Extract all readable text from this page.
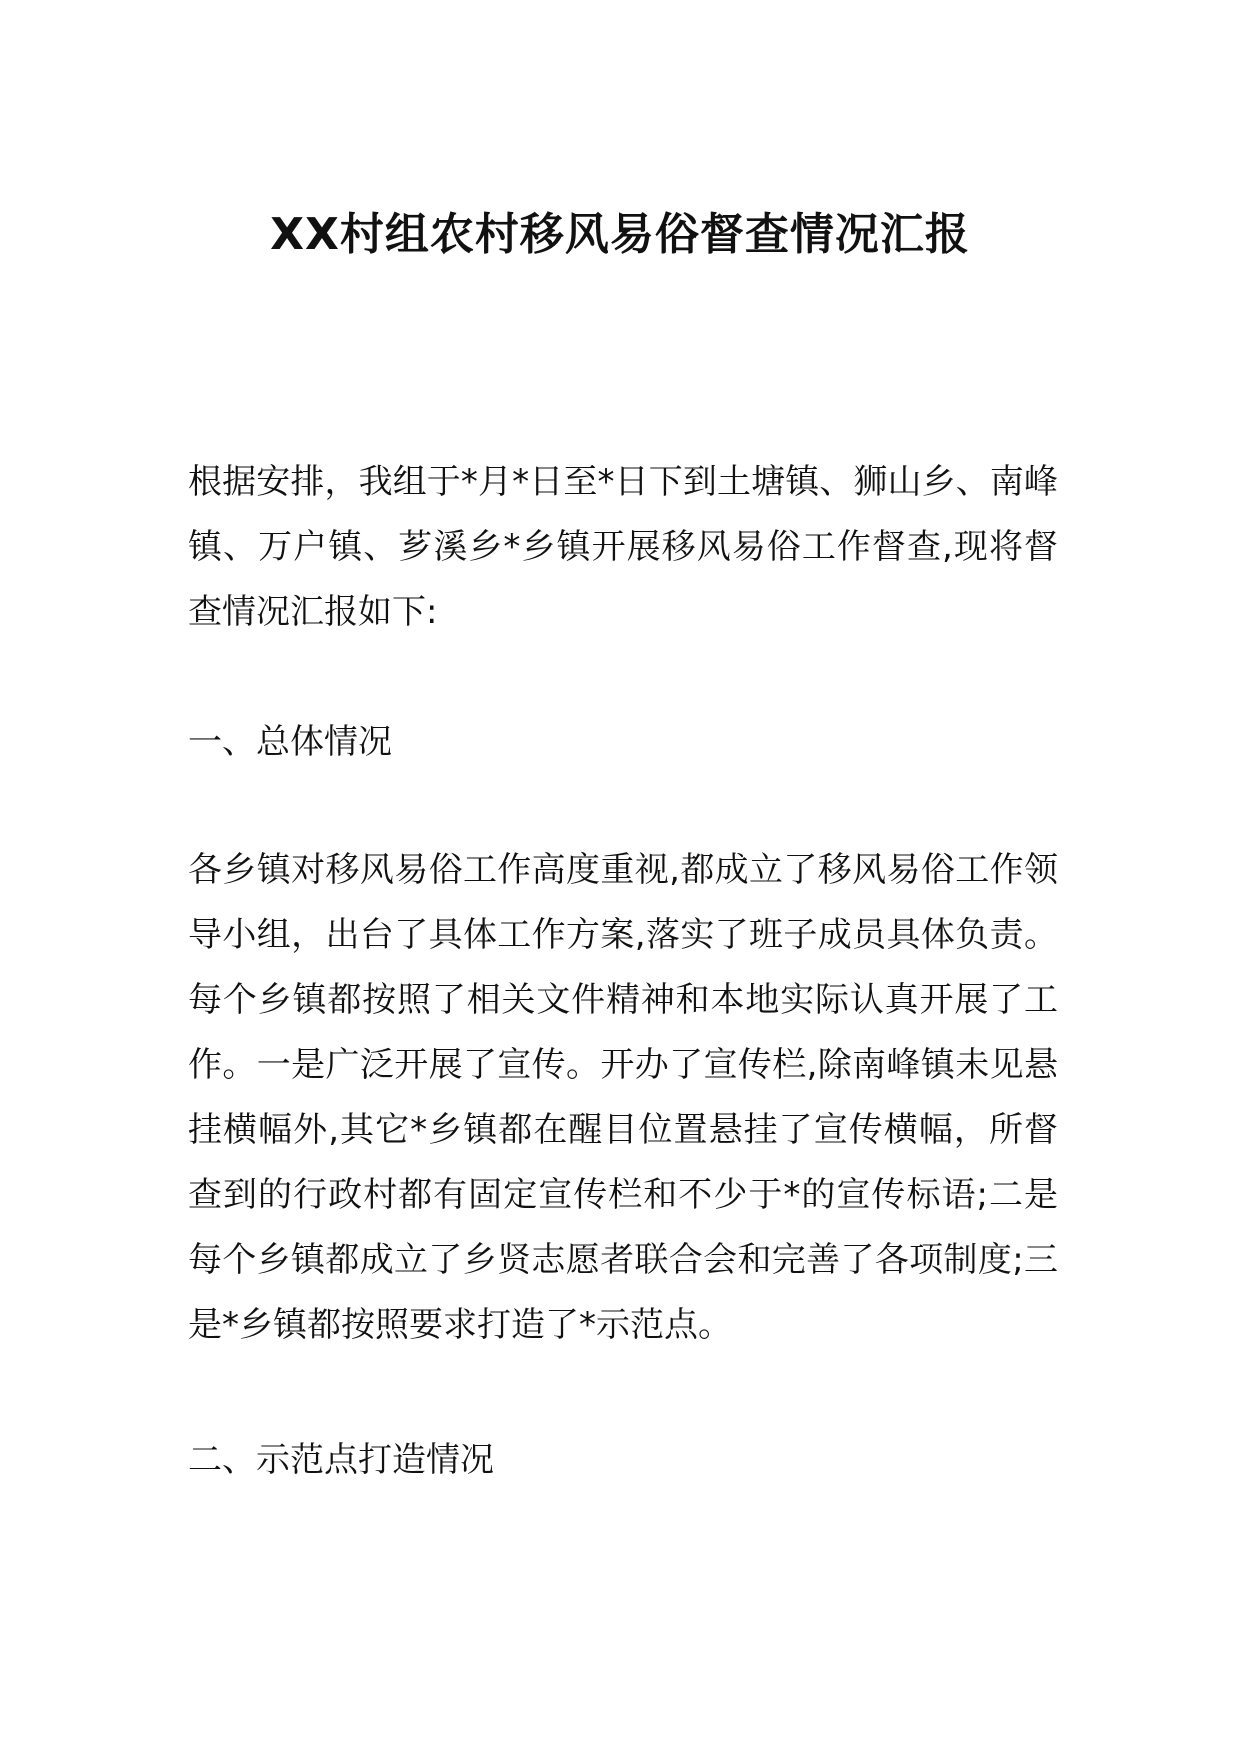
XX村组农村移风易俗督查情况汇报

根据安排，我组于*月*日至*日下到土塘镇、狮山乡、南峰镇、万户镇、芗溪乡*乡镇开展移风易俗工作督查,现将督查情况汇报如下:

一、总体情况

各乡镇对移风易俗工作高度重视,都成立了移风易俗工作领导小组，出台了具体工作方案,落实了班子成员具体负责。每个乡镇都按照了相关文件精神和本地实际认真开展了工作。一是广泛开展了宣传。开办了宣传栏,除南峰镇未见悬挂横幅外,其它*乡镇都在醒目位置悬挂了宣传横幅，所督查到的行政村都有固定宣传栏和不少于*的宣传标语;二是每个乡镇都成立了乡贤志愿者联合会和完善了各项制度;三是*乡镇都按照要求打造了*示范点。

二、示范点打造情况
